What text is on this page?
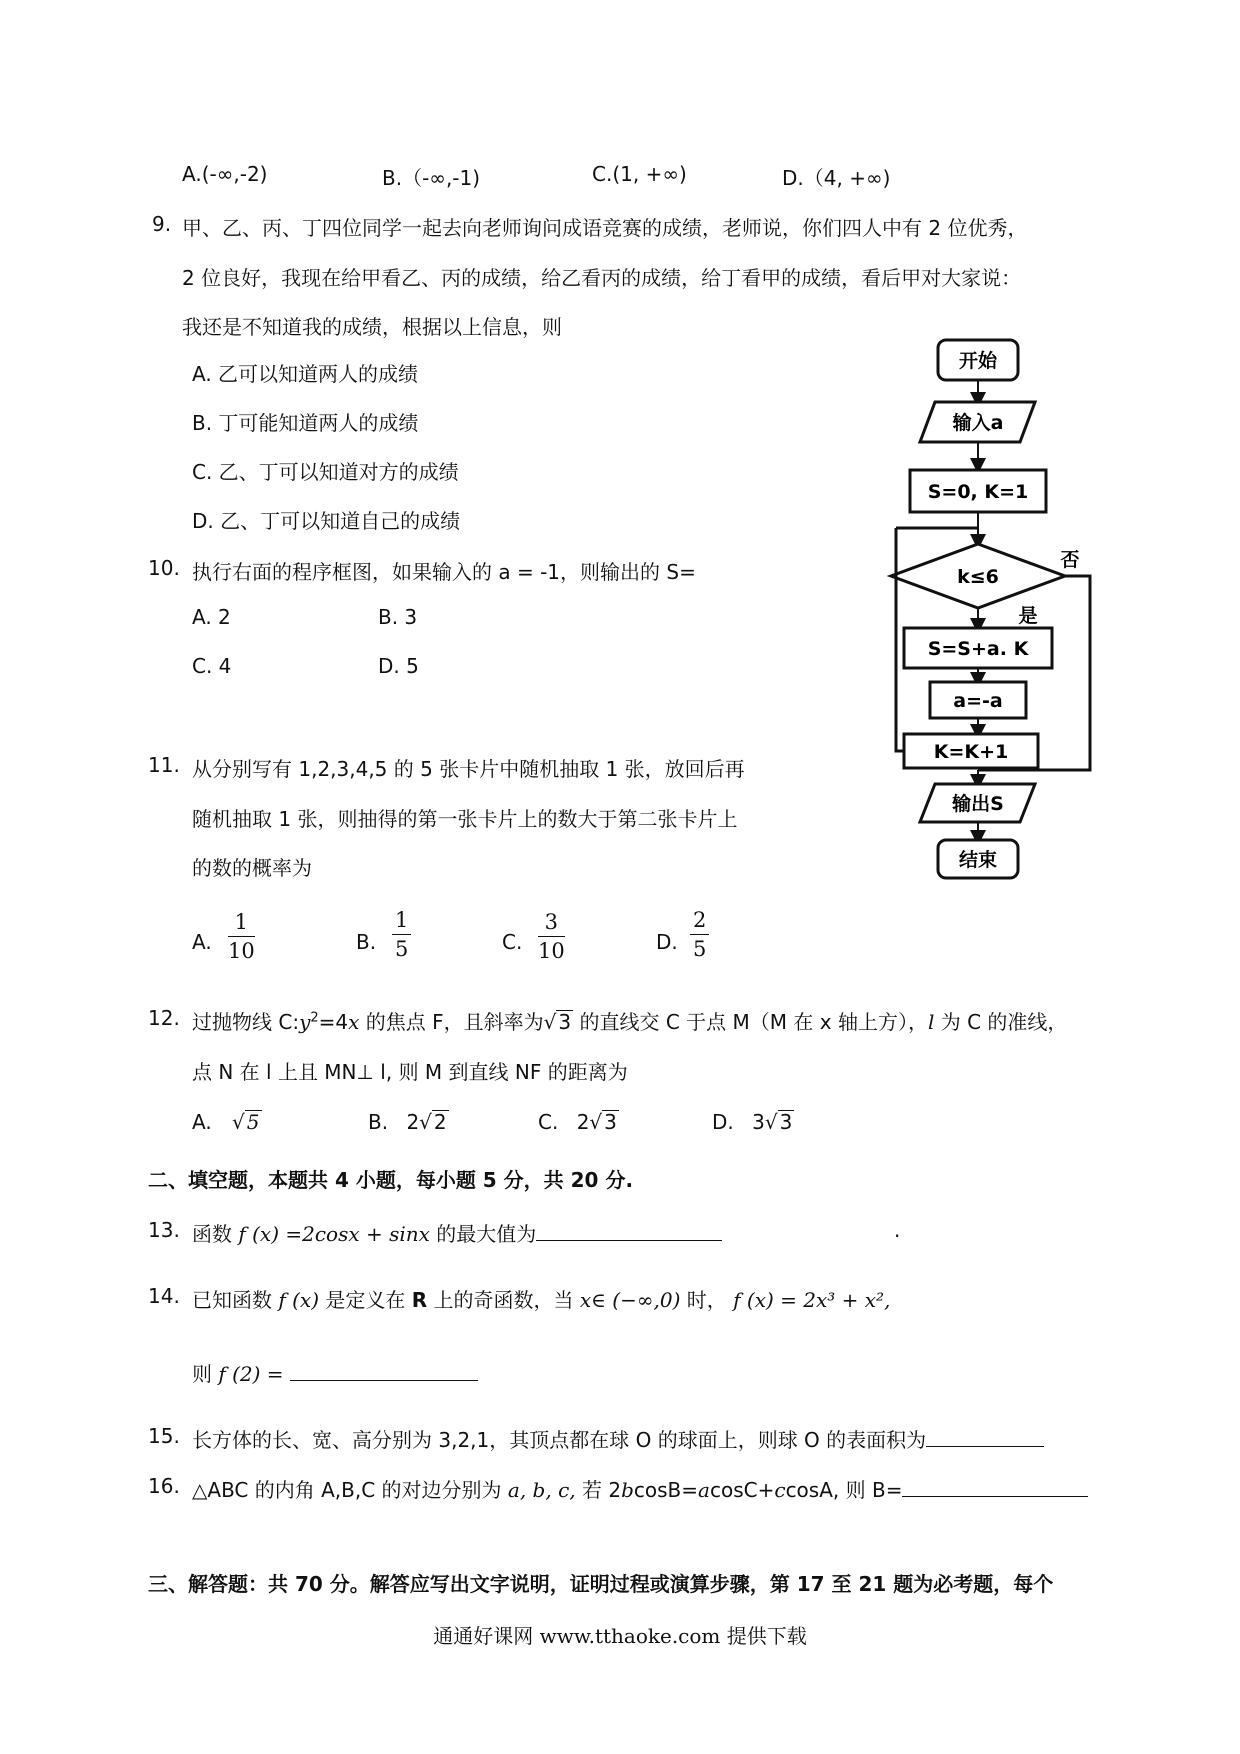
A.(-∞,-2)	B.（-∞,-1)	C.(1, +∞)	D.（4, +∞)
9. 甲、乙、丙、丁四位同学一起去向老师询问成语竞赛的成绩，老师说，你们四人中有 2 位优秀，
2 位良好，我现在给甲看乙、丙的成绩，给乙看丙的成绩，给丁看甲的成绩，看后甲对大家说：
我还是不知道我的成绩，根据以上信息，则
A. 乙可以知道两人的成绩
B. 丁可能知道两人的成绩
C. 乙、丁可以知道对方的成绩
D. 乙、丁可以知道自己的成绩
10. 执行右面的程序框图，如果输入的 a = -1，则输出的 S=
A. 2	B. 3
C. 4	D. 5
开始
输入a
S=0, K=1
k≤6
否
是
S=S+a. K
a=-a
K=K+1
输出S
结束
11. 从分别写有 1,2,3,4,5 的 5 张卡片中随机抽取 1 张，放回后再
随机抽取 1 张，则抽得的第一张卡片上的数大于第二张卡片上
的数的概率为
A. $\frac{1}{10}$	B. $\frac{1}{5}$	C. $\frac{3}{10}$	D. $\frac{2}{5}$
12. 过抛物线 $C:y^2=4x$ 的焦点 F，且斜率为√ 3 的直线交 C 于点 M（M 在 x 轴上方），l 为 C 的准线，
点 N 在 l 上且 MN⊥ l, 则 M 到直线 NF 的距离为
A. √ 5	B. 2√ 2	C. 2√ 3	D. 3√ 3
二、填空题，本题共 4 小题，每小题 5 分，共 20 分.
13. 函数 f (x) =2cosx + sinx 的最大值为	.
14. 已知函数 f (x) 是定义在 R 上的奇函数，当 x∈ (−∞,0) 时， f (x) = 2x³ + x²,
则 f (2) =
15. 长方体的长、宽、高分别为 3,2,1，其顶点都在球 O 的球面上，则球 O 的表面积为
16. △ABC 的内角 A,B,C 的对边分别为 a, b, c, 若 2bcosB=acosC+ccosA, 则 B=
三、解答题：共 70 分。解答应写出文字说明，证明过程或演算步骤，第 17 至 21 题为必考题，每个
通通好课网 www.tthaoke.com 提供下载
